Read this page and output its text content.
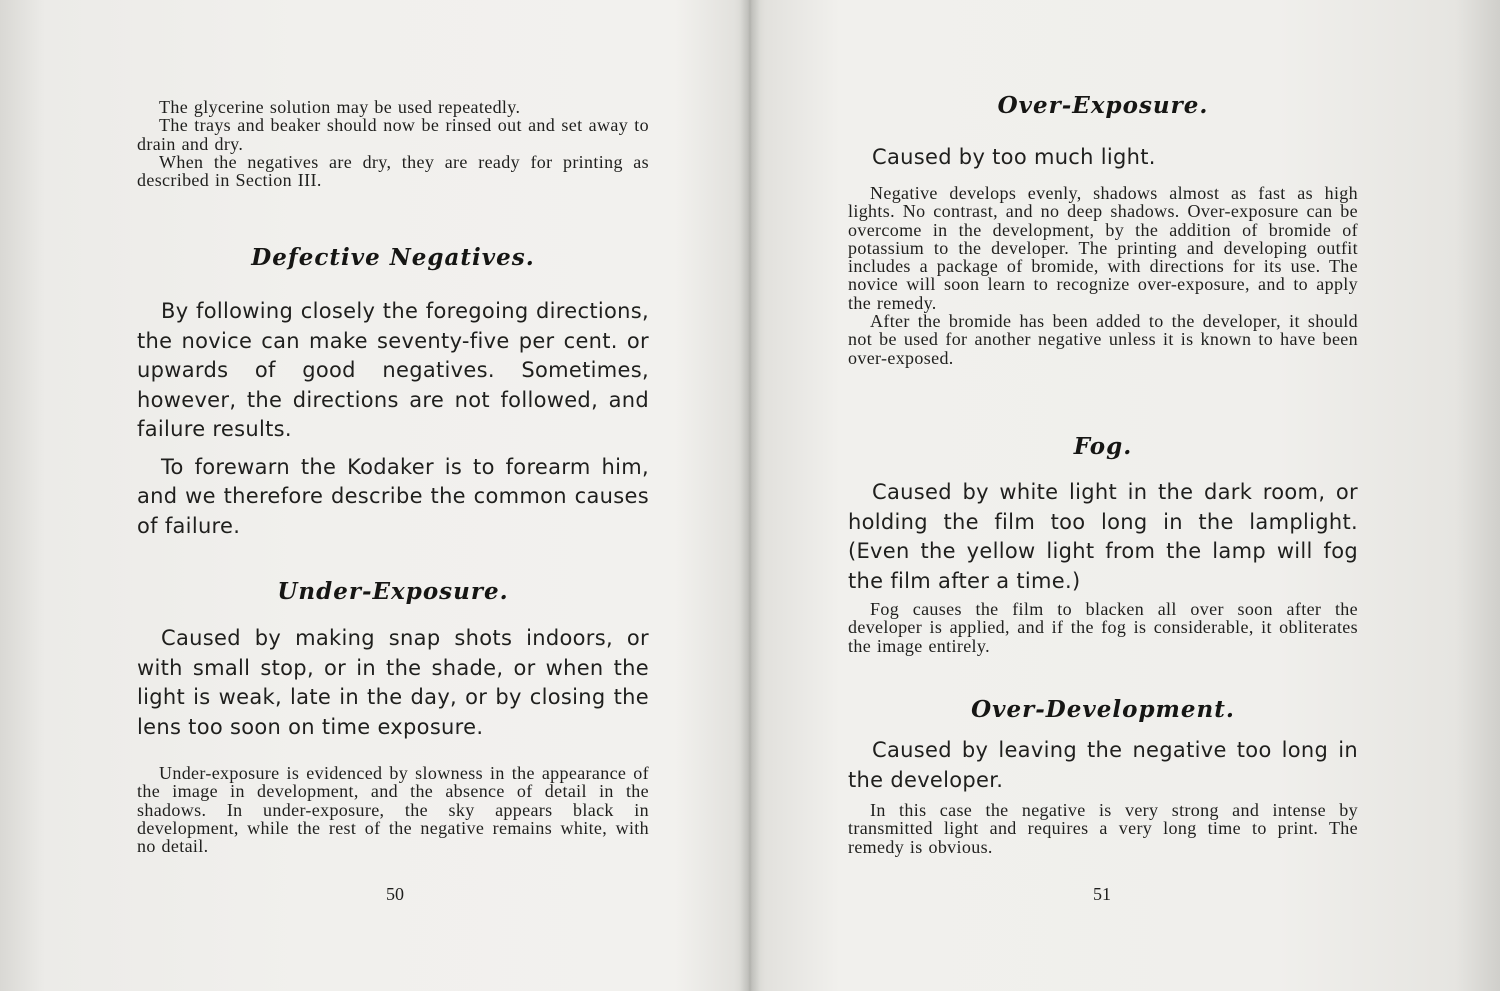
The glycerine solution may be used repeatedly.

The trays and beaker should now be rinsed out and set away to drain and dry.

When the negatives are dry, they are ready for printing as described in Section III.

Defective Negatives.

By following closely the foregoing directions, the novice can make seventy-five per cent. or upwards of good negatives. Sometimes, however, the directions are not followed, and failure results.

To forewarn the Kodaker is to forearm him, and we therefore describe the common causes of failure.

Under-Exposure.

Caused by making snap shots indoors, or with small stop, or in the shade, or when the light is weak, late in the day, or by closing the lens too soon on time exposure.

Under-exposure is evidenced by slowness in the appearance of the image in development, and the absence of detail in the shadows. In under-exposure, the sky appears black in development, while the rest of the negative remains white, with no detail.

50
Over-Exposure.

Caused by too much light.

Negative develops evenly, shadows almost as fast as high lights. No contrast, and no deep shadows. Over-exposure can be overcome in the development, by the addition of bromide of potassium to the developer. The printing and developing outfit includes a package of bromide, with directions for its use. The novice will soon learn to recognize over-exposure, and to apply the remedy.

After the bromide has been added to the developer, it should not be used for another negative unless it is known to have been over-exposed.

Fog.

Caused by white light in the dark room, or holding the film too long in the lamplight. (Even the yellow light from the lamp will fog the film after a time.)

Fog causes the film to blacken all over soon after the developer is applied, and if the fog is considerable, it obliterates the image entirely.

Over-Development.

Caused by leaving the negative too long in the developer.

In this case the negative is very strong and intense by transmitted light and requires a very long time to print. The remedy is obvious.

51
